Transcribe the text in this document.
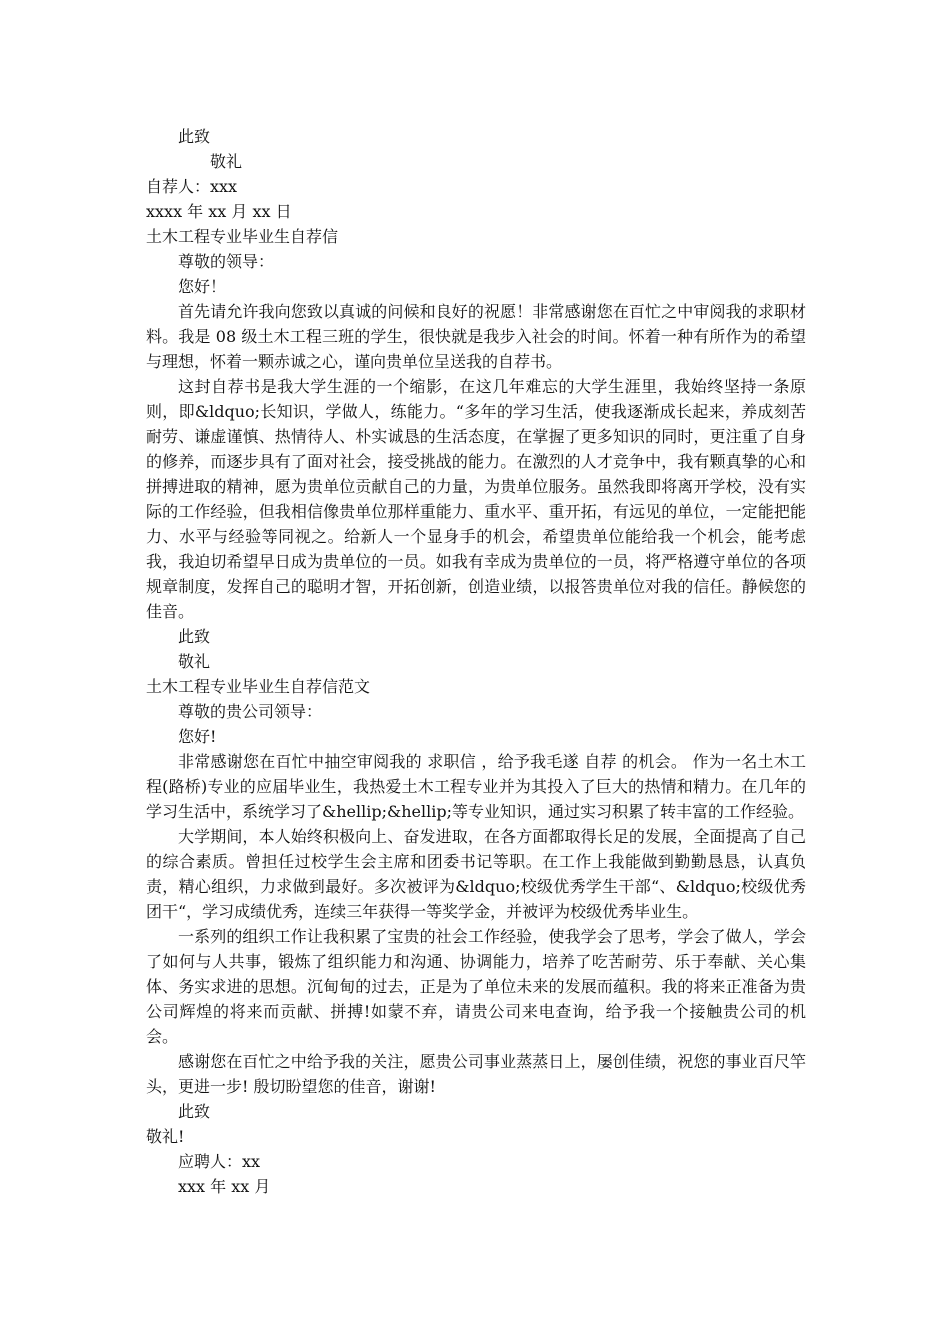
此致

敬礼

自荐人：xxx

xxxx 年 xx 月 xx 日

土木工程专业毕业生自荐信

尊敬的领导：

您好！

首先请允许我向您致以真诚的问候和良好的祝愿！非常感谢您在百忙之中审阅我的求职材料。我是 08 级土木工程三班的学生，很快就是我步入社会的时间。怀着一种有所作为的希望与理想，怀着一颗赤诚之心，谨向贵单位呈送我的自荐书。

这封自荐书是我大学生涯的一个缩影，在这几年难忘的大学生涯里，我始终坚持一条原则，即&ldquo;长知识，学做人，练能力。“多年的学习生活，使我逐渐成长起来，养成刻苦耐劳、谦虚谨慎、热情待人、朴实诚恳的生活态度，在掌握了更多知识的同时，更注重了自身的修养，而逐步具有了面对社会，接受挑战的能力。在激烈的人才竞争中，我有颗真挚的心和拼搏进取的精神，愿为贵单位贡献自己的力量，为贵单位服务。虽然我即将离开学校，没有实际的工作经验，但我相信像贵单位那样重能力、重水平、重开拓，有远见的单位，一定能把能力、水平与经验等同视之。给新人一个显身手的机会，希望贵单位能给我一个机会，能考虑我，我迫切希望早日成为贵单位的一员。如我有幸成为贵单位的一员，将严格遵守单位的各项规章制度，发挥自己的聪明才智，开拓创新，创造业绩，以报答贵单位对我的信任。静候您的佳音。

此致

敬礼

土木工程专业毕业生自荐信范文

尊敬的贵公司领导：

您好!

非常感谢您在百忙中抽空审阅我的 求职信 ，给予我毛遂 自荐 的机会。 作为一名土木工程(路桥)专业的应届毕业生，我热爱土木工程专业并为其投入了巨大的热情和精力。在几年的学习生活中，系统学习了&hellip;&hellip;等专业知识，通过实习积累了转丰富的工作经验。

大学期间，本人始终积极向上、奋发进取，在各方面都取得长足的发展，全面提高了自己的综合素质。曾担任过校学生会主席和团委书记等职。在工作上我能做到勤勤恳恳，认真负责，精心组织，力求做到最好。多次被评为&ldquo;校级优秀学生干部“、&ldquo;校级优秀团干“，学习成绩优秀，连续三年获得一等奖学金，并被评为校级优秀毕业生。

一系列的组织工作让我积累了宝贵的社会工作经验，使我学会了思考，学会了做人，学会了如何与人共事，锻炼了组织能力和沟通、协调能力，培养了吃苦耐劳、乐于奉献、关心集体、务实求进的思想。沉甸甸的过去，正是为了单位未来的发展而蕴积。我的将来正准备为贵公司辉煌的将来而贡献、拼搏!如蒙不弃，请贵公司来电查询，给予我一个接触贵公司的机会。

感谢您在百忙之中给予我的关注，愿贵公司事业蒸蒸日上，屡创佳绩，祝您的事业百尺竿头，更进一步! 殷切盼望您的佳音，谢谢!

此致

敬礼!

应聘人：xx

xxx 年 xx 月
